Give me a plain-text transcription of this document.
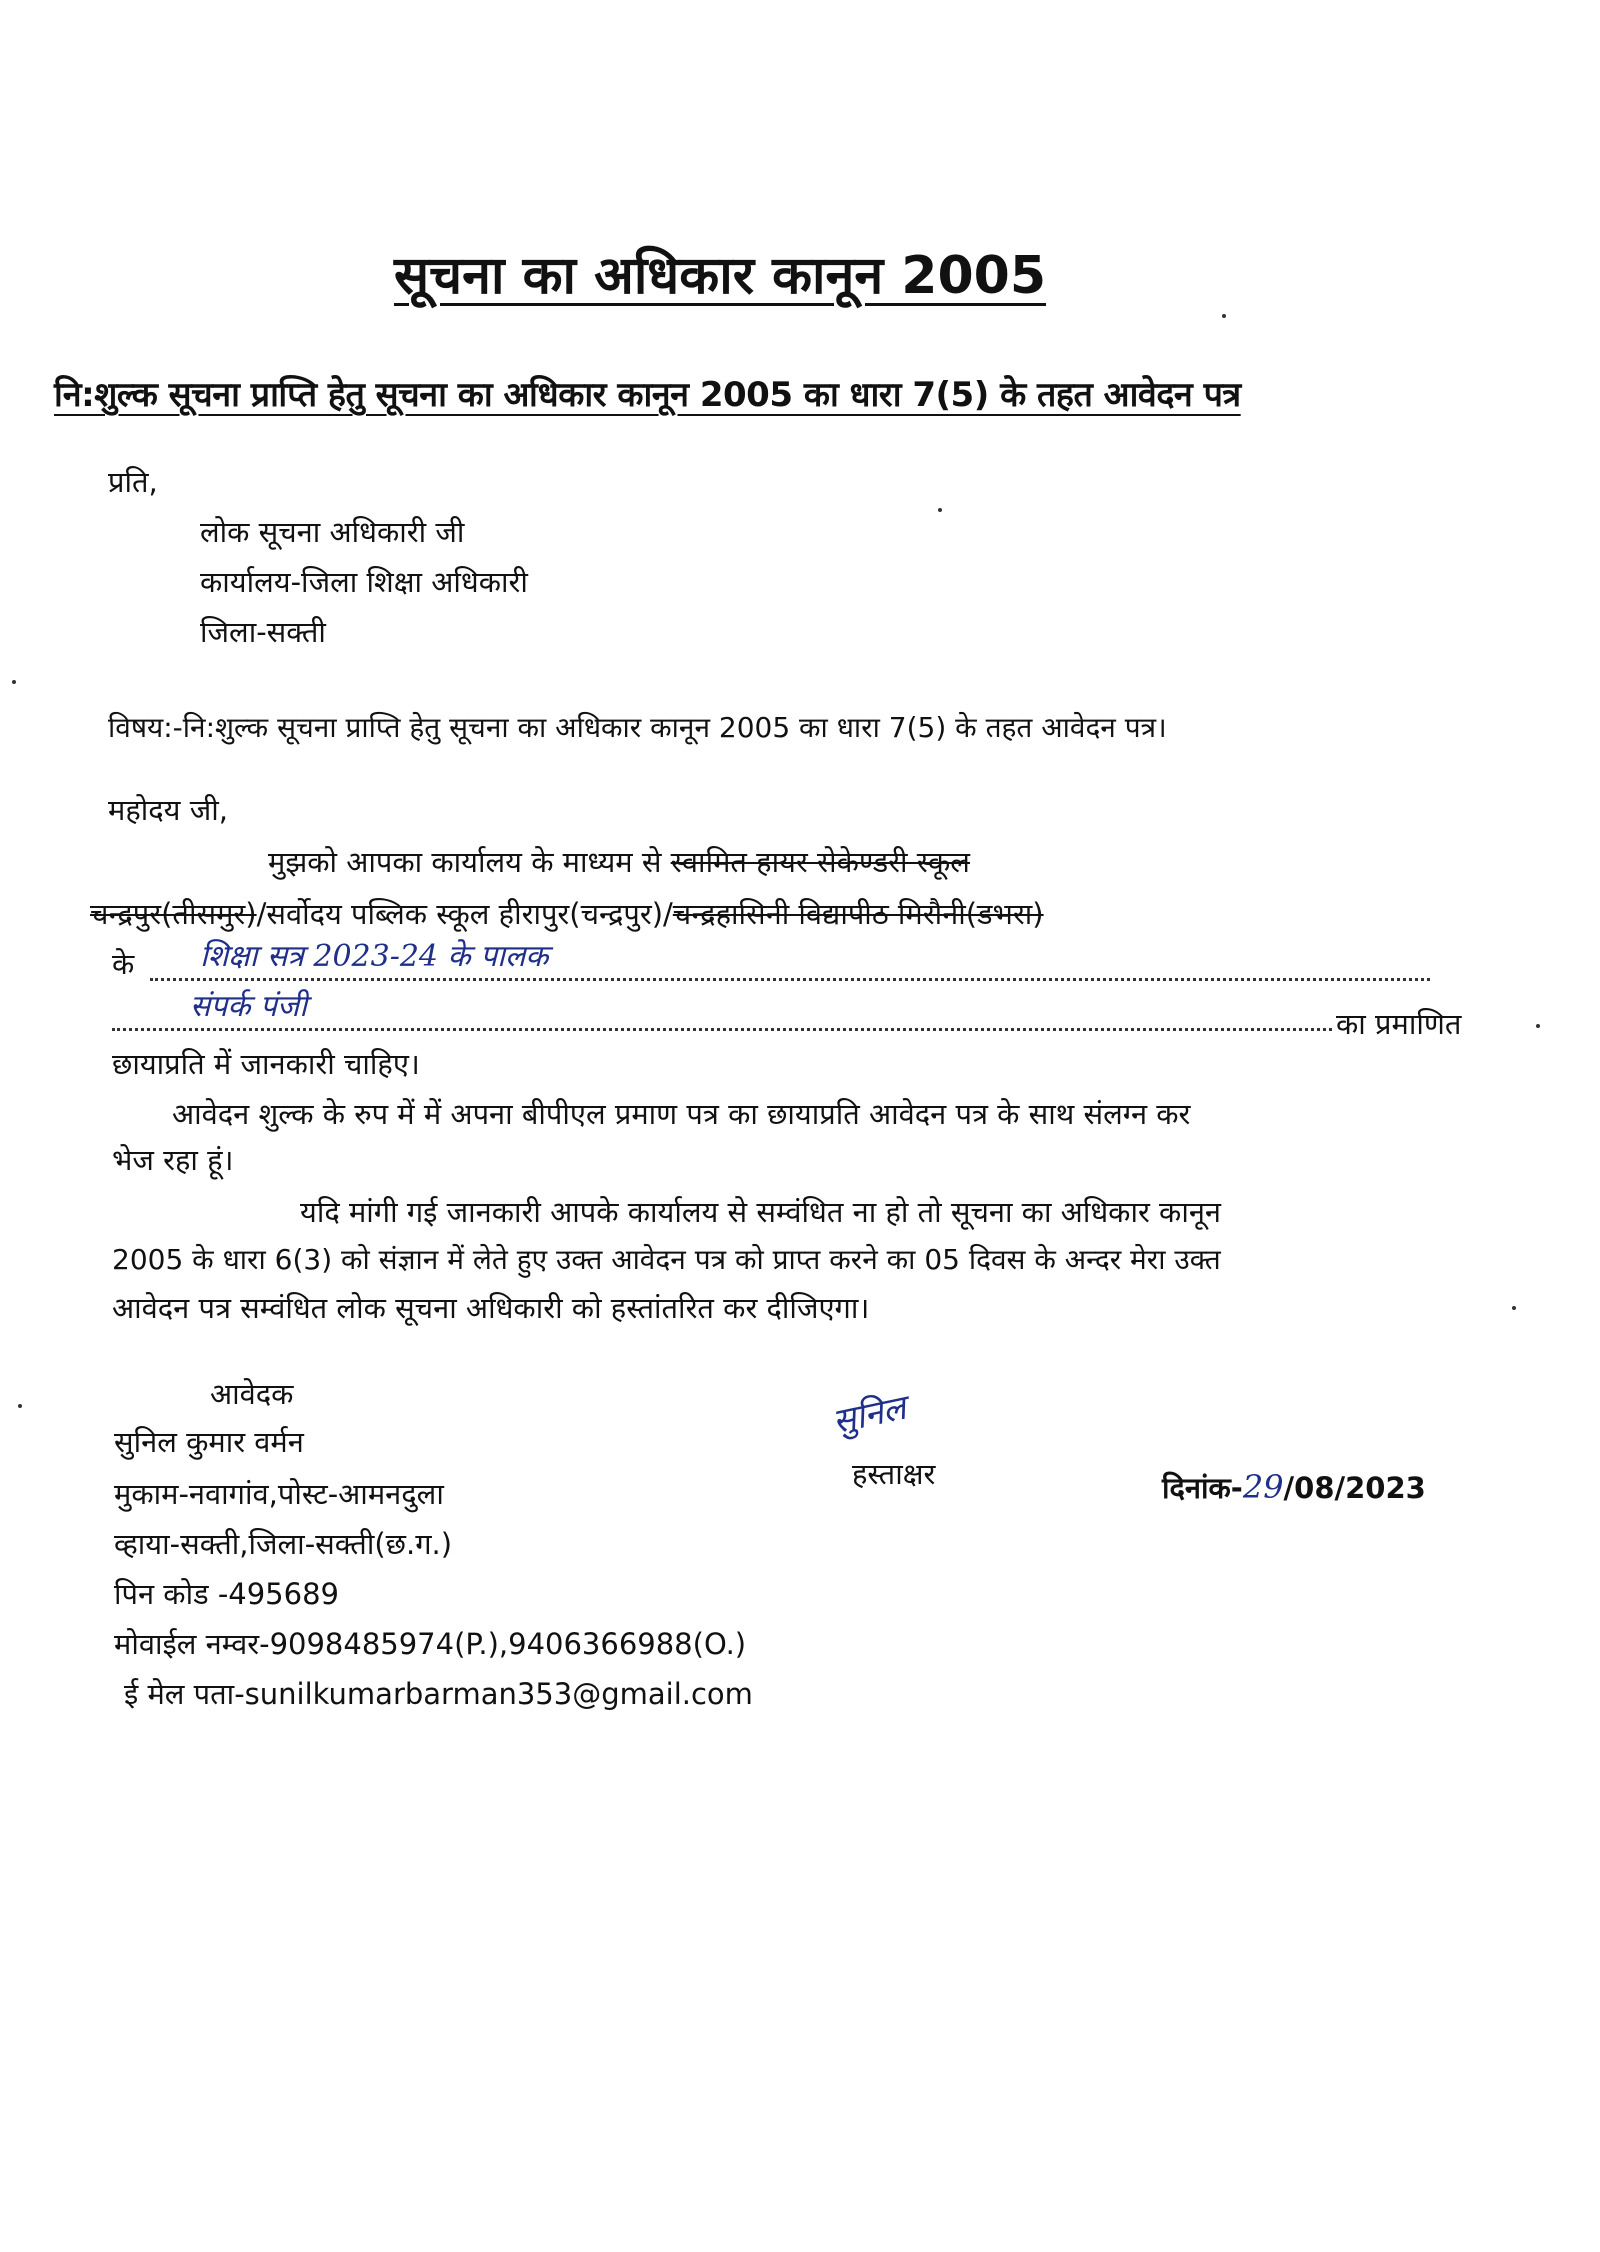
सूचना का अधिकार कानून 2005
नि:शुल्क सूचना प्राप्ति हेतु सूचना का अधिकार कानून 2005 का धारा 7(5) के तहत आवेदन पत्र
प्रति,
लोक सूचना अधिकारी जी
कार्यालय-जिला शिक्षा अधिकारी
जिला-सक्ती
विषय:-नि:शुल्क सूचना प्राप्ति हेतु सूचना का अधिकार कानून 2005 का धारा 7(5) के तहत आवेदन पत्र।
महोदय जी,
मुझको आपका कार्यालय के माध्यम से स्वामित हायर सेकेण्डरी स्कूल
चन्द्रपुर(तीसमुर)/सर्वोदय पब्लिक स्कूल हीरापुर(चन्द्रपुर)/चन्द्रहासिनी विद्यापीठ मिरौनी(डभरा)
के शिक्षा सत्र 2023-24 के पालक
संपर्क पंजी	का प्रमाणित
छायाप्रति में जानकारी चाहिए।
आवेदन शुल्क के रुप में में अपना बीपीएल प्रमाण पत्र का छायाप्रति आवेदन पत्र के साथ संलग्न कर
भेज रहा हूं।
यदि मांगी गई जानकारी आपके कार्यालय से सम्वंधित ना हो तो सूचना का अधिकार कानून
2005 के धारा 6(3) को संज्ञान में लेते हुए उक्त आवेदन पत्र को प्राप्त करने का 05 दिवस के अन्दर मेरा उक्त
आवेदन पत्र सम्वंधित लोक सूचना अधिकारी को हस्तांतरित कर दीजिएगा।
आवेदक
सुनिल कुमार वर्मन
मुकाम-नवागांव,पोस्ट-आमनदुला
व्हाया-सक्ती,जिला-सक्ती(छ.ग.)
पिन कोड -495689
मोवाईल नम्वर-9098485974(P.),9406366988(O.)
ई मेल पता-sunilkumarbarman353@gmail.com
सुनिल
हस्ताक्षर	दिनांक-29/08/2023
